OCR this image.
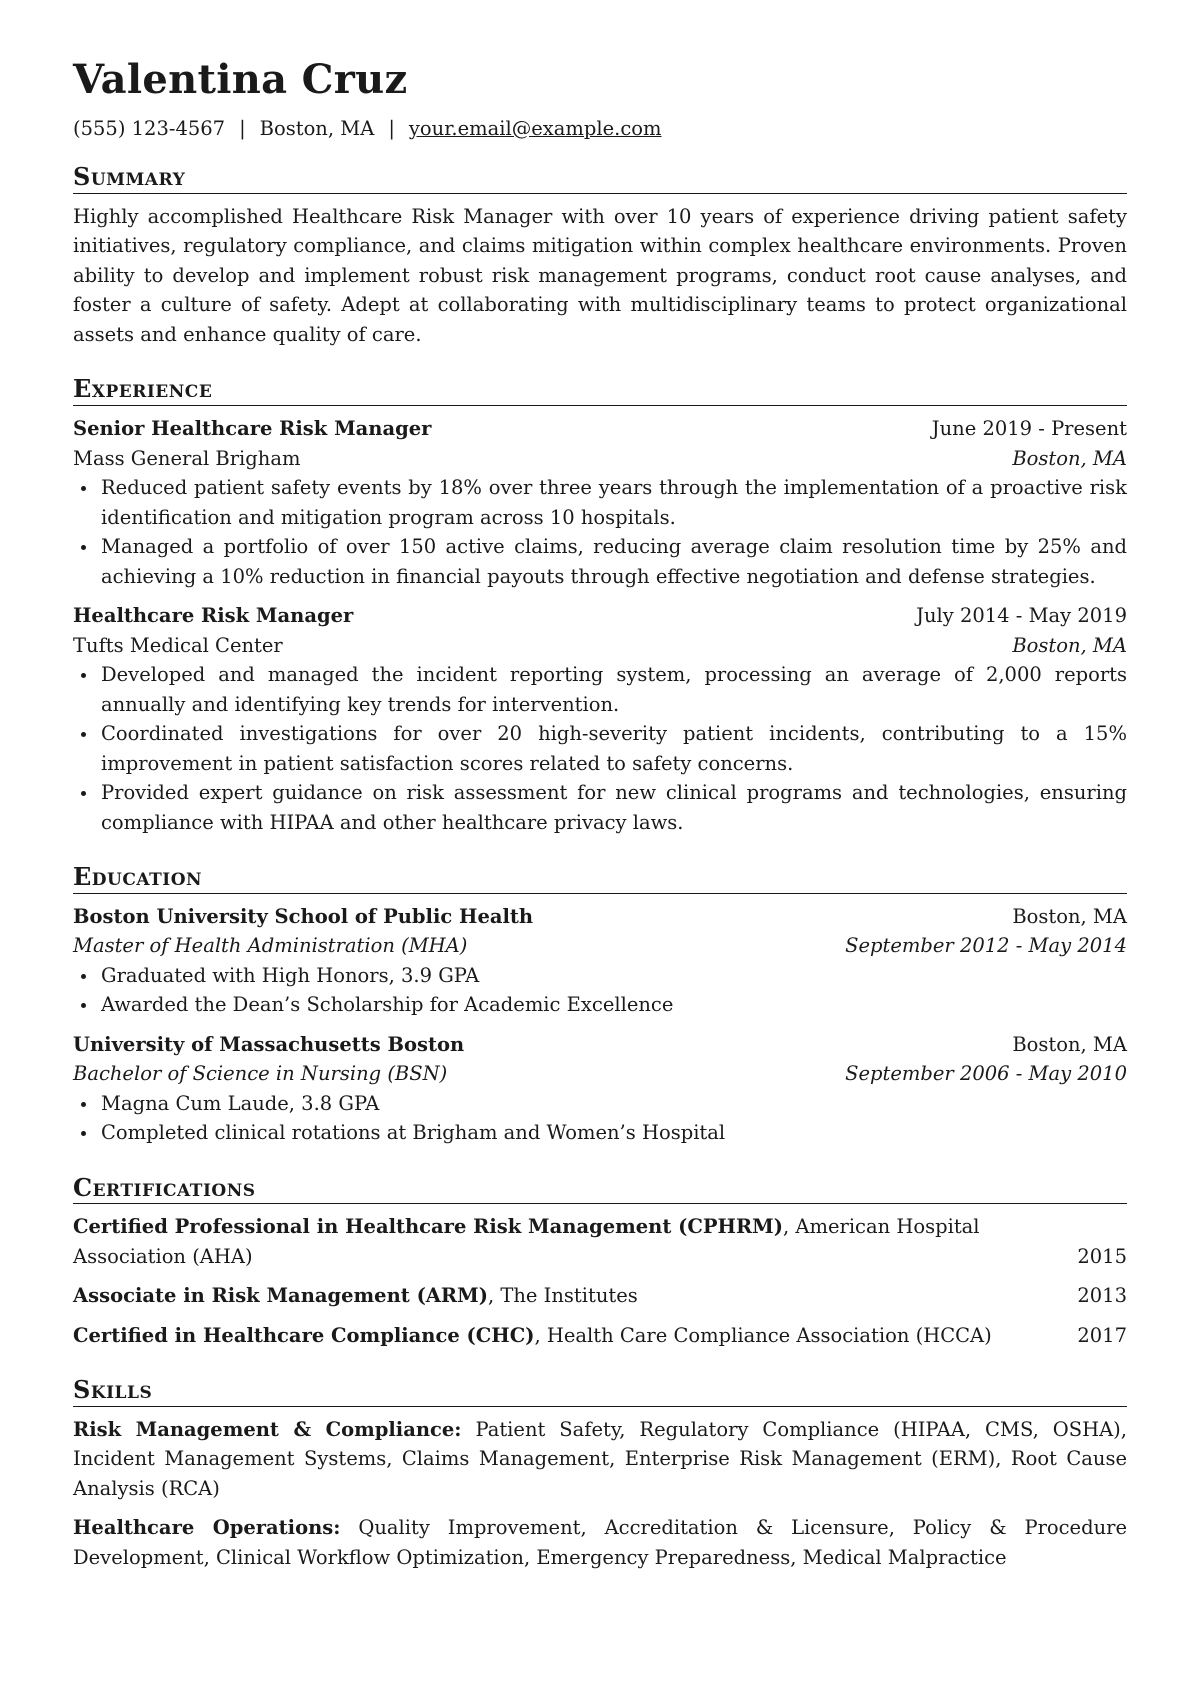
Valentina Cruz
(555) 123-4567 | Boston, MA | your.email@example.com
Summary

Highly accomplished Healthcare Risk Manager with over 10 years of experience driving patient safety initiatives, regulatory compliance, and claims mitigation within complex healthcare environments. Proven ability to develop and implement robust risk management programs, conduct root cause analyses, and foster a culture of safety. Adept at collaborating with multidisciplinary teams to protect organizational assets and enhance quality of care.

Experience
Senior Healthcare Risk Manager	June 2019 - Present
Mass General Brigham	Boston, MA
Reduced patient safety events by 18% over three years through the implementation of a proactive risk identification and mitigation program across 10 hospitals.
Managed a portfolio of over 150 active claims, reducing average claim resolution time by 25% and achieving a 10% reduction in financial payouts through effective negotiation and defense strategies.
Healthcare Risk Manager	July 2014 - May 2019
Tufts Medical Center	Boston, MA
Developed and managed the incident reporting system, processing an average of 2,000 reports annually and identifying key trends for intervention.
Coordinated investigations for over 20 high-severity patient incidents, contributing to a 15% improvement in patient satisfaction scores related to safety concerns.
Provided expert guidance on risk assessment for new clinical programs and technologies, ensuring compliance with HIPAA and other healthcare privacy laws.
Education
Boston University School of Public Health	Boston, MA
Master of Health Administration (MHA)	September 2012 - May 2014
Graduated with High Honors, 3.9 GPA
Awarded the Dean’s Scholarship for Academic Excellence
University of Massachusetts Boston	Boston, MA
Bachelor of Science in Nursing (BSN)	September 2006 - May 2010
Magna Cum Laude, 3.8 GPA
Completed clinical rotations at Brigham and Women’s Hospital
Certifications
Certified Professional in Healthcare Risk Management (CPHRM), American Hospital Association (AHA)	2015
Associate in Risk Management (ARM), The Institutes	2013
Certified in Healthcare Compliance (CHC), Health Care Compliance Association (HCCA)	2017
Skills
Risk Management & Compliance: Patient Safety, Regulatory Compliance (HIPAA, CMS, OSHA), Incident Management Systems, Claims Management, Enterprise Risk Management (ERM), Root Cause Analysis (RCA)
Healthcare Operations: Quality Improvement, Accreditation & Licensure, Policy & Procedure Development, Clinical Workflow Optimization, Emergency Preparedness, Medical Malpractice
